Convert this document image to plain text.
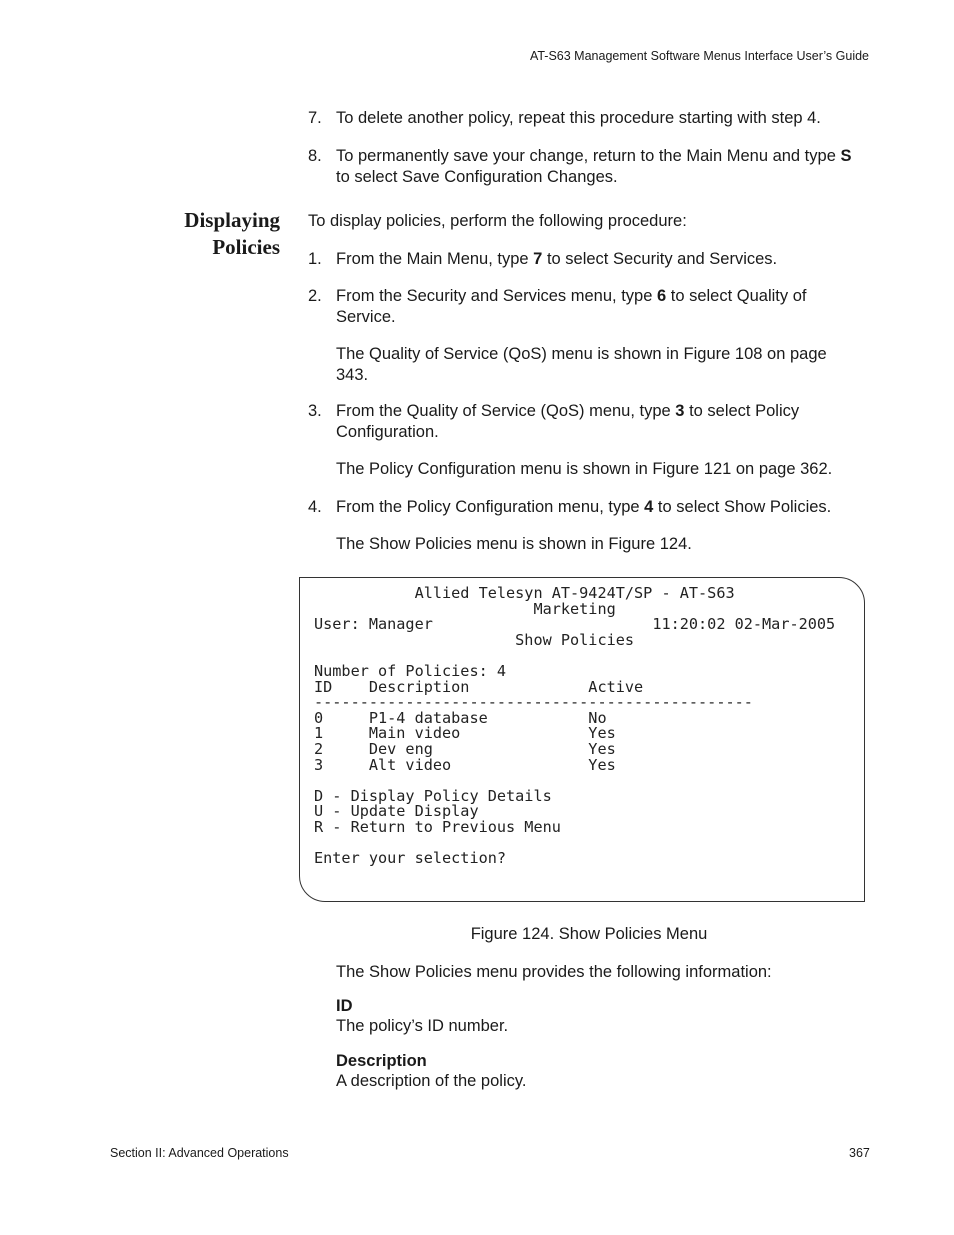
AT-S63 Management Software Menus Interface User’s Guide
7. To delete another policy, repeat this procedure starting with step 4.
8. To permanently save your change, return to the Main Menu and type S
to select Save Configuration Changes.
Displaying
Policies
To display policies, perform the following procedure:
1. From the Main Menu, type 7 to select Security and Services.
2. From the Security and Services menu, type 6 to select Quality of
Service.
The Quality of Service (QoS) menu is shown in Figure 108 on page
343.
3. From the Quality of Service (QoS) menu, type 3 to select Policy
Configuration.
The Policy Configuration menu is shown in Figure 121 on page 362.
4. From the Policy Configuration menu, type 4 to select Show Policies.
The Show Policies menu is shown in Figure 124.
Allied Telesyn AT-9424T/SP - AT-S63
Marketing
User: Manager                        11:20:02 02-Mar-2005
Show Policies

Number of Policies: 4
ID    Description             Active
------------------------------------------------
0     P1-4 database           No
1     Main video              Yes
2     Dev eng                 Yes
3     Alt video               Yes

D - Display Policy Details
U - Update Display
R - Return to Previous Menu

Enter your selection?
Figure 124. Show Policies Menu
The Show Policies menu provides the following information:
ID
The policy’s ID number.
Description
A description of the policy.
Section II: Advanced Operations	367
